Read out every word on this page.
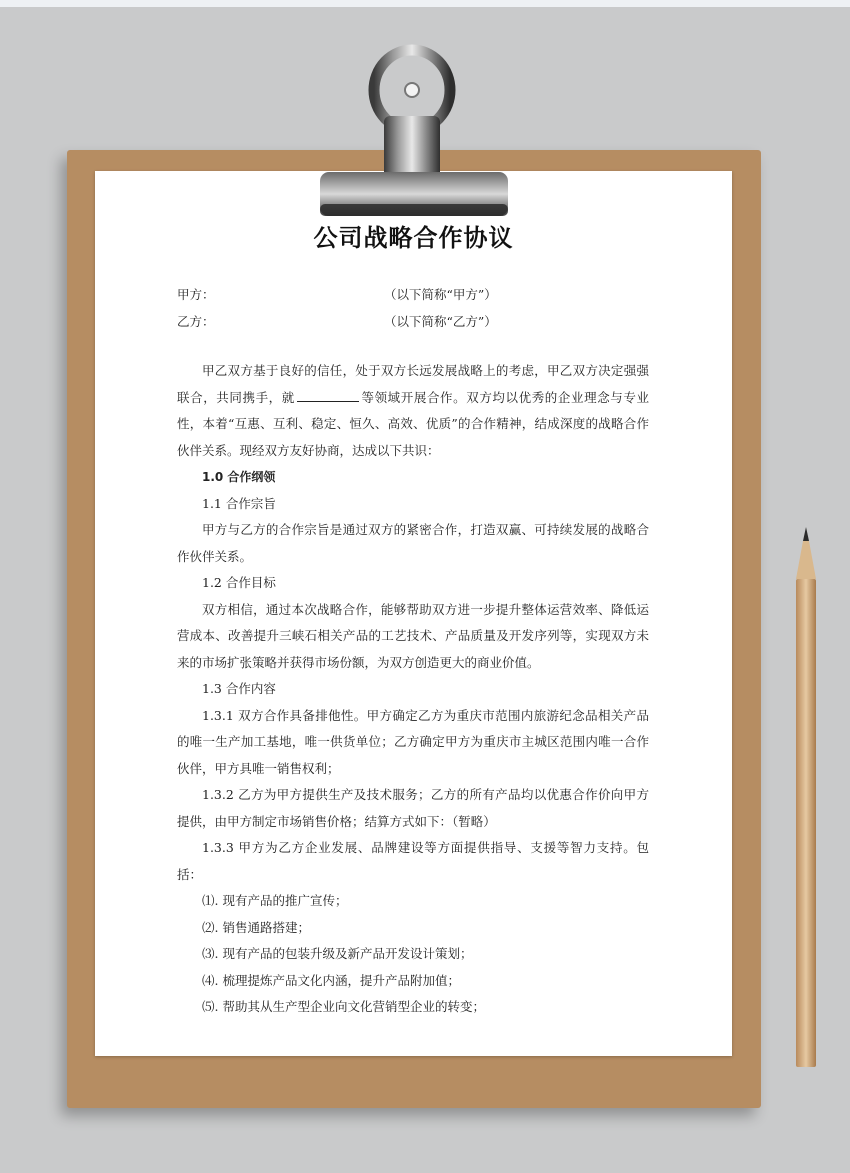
公司战略合作协议
甲方：	（以下简称“甲方”）
乙方：	（以下简称“乙方”）

甲乙双方基于良好的信任，处于双方长远发展战略上的考虑，甲乙双方决定强强联合，共同携手，就	等领域开展合作。双方均以优秀的企业理念与专业性，本着“互惠、互利、稳定、恒久、高效、优质”的合作精神，结成深度的战略合作伙伴关系。现经双方友好协商，达成以下共识：

1.0 合作纲领

1.1 合作宗旨

甲方与乙方的合作宗旨是通过双方的紧密合作，打造双赢、可持续发展的战略合作伙伴关系。

1.2 合作目标

双方相信，通过本次战略合作，能够帮助双方进一步提升整体运营效率、降低运营成本、改善提升三峡石相关产品的工艺技术、产品质量及开发序列等，实现双方未来的市场扩张策略并获得市场份额，为双方创造更大的商业价值。

1.3 合作内容

1.3.1 双方合作具备排他性。甲方确定乙方为重庆市范围内旅游纪念品相关产品的唯一生产加工基地，唯一供货单位；乙方确定甲方为重庆市主城区范围内唯一合作伙伴，甲方具唯一销售权利；

1.3.2 乙方为甲方提供生产及技术服务；乙方的所有产品均以优惠合作价向甲方提供，由甲方制定市场销售价格；结算方式如下：（暂略）

1.3.3 甲方为乙方企业发展、品牌建设等方面提供指导、支援等智力支持。包括：

⑴. 现有产品的推广宣传；

⑵. 销售通路搭建；

⑶. 现有产品的包装升级及新产品开发设计策划；

⑷. 梳理提炼产品文化内涵，提升产品附加值；

⑸. 帮助其从生产型企业向文化营销型企业的转变；
